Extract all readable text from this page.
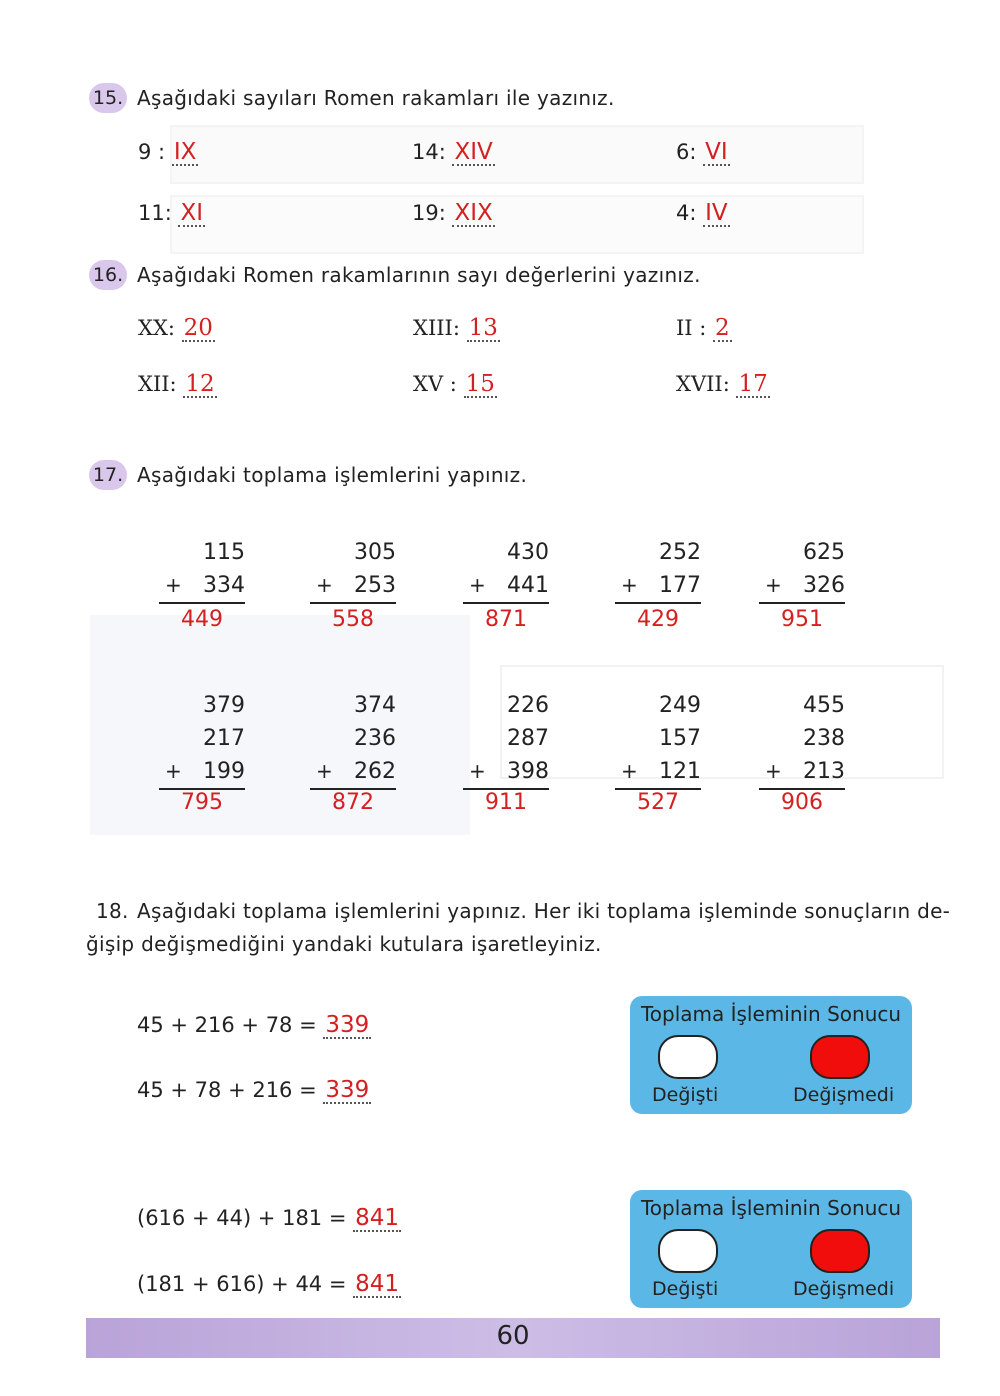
15. Aşağıdaki sayıları Romen rakamları ile yazınız.
9 : IX	14: XIV	6: VI
11: XI	19: XIX	4: IV
16. Aşağıdaki Romen rakamlarının sayı değerlerini yazınız.
XX: 20	XIII: 13	II : 2
XII: 12	XV : 15	XVII: 17
17. Aşağıdaki toplama işlemlerini yapınız.
115
+ 334
449
305
+ 253
558
430
+ 441
871
252
+ 177
429
625
+ 326
951
379
217
+ 199
795
374
236
+ 262
872
226
287
+ 398
911
249
157
+ 121
527
455
238
+ 213
906
18. Aşağıdaki toplama işlemlerini yapınız. Her iki toplama işleminde sonuçların de-
ğişip değişmediğini yandaki kutulara işaretleyiniz.
45 + 216 + 78 = 339
45 + 78 + 216 = 339
Toplama İşleminin Sonucu
Değişti	Değişmedi
(616 + 44) + 181 = 841
(181 + 616) + 44 = 841
Toplama İşleminin Sonucu
Değişti	Değişmedi
60
